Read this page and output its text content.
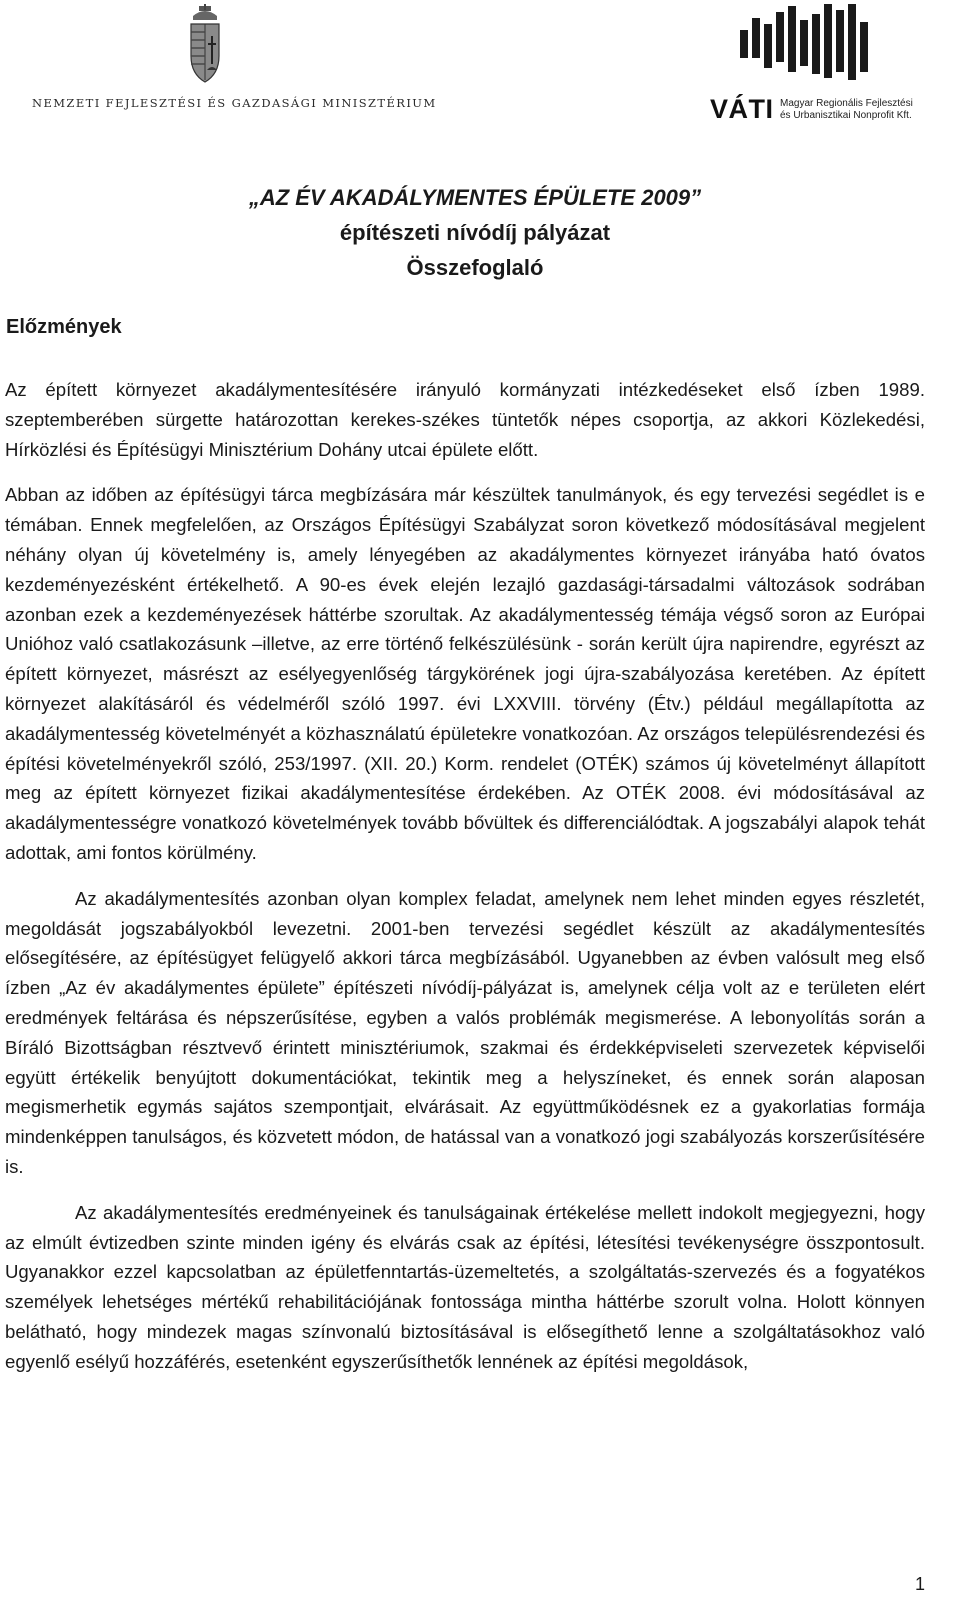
NEMZETI FEJLESZTÉSI ÉS GAZDASÁGI MINISZTÉRIUM	VÁTI Magyar Regionális Fejlesztési
és Urbanisztikai Nonprofit Kft.
„AZ ÉV AKADÁLYMENTES ÉPÜLETE 2009”
építészeti nívódíj pályázat
Összefoglaló
Előzmények

Az épített környezet akadálymentesítésére irányuló kormányzati intézkedéseket első ízben 1989. szeptemberében sürgette határozottan kerekes-székes tüntetők népes csoportja, az akkori Közlekedési, Hírközlési és Építésügyi Minisztérium Dohány utcai épülete előtt.

Abban az időben az építésügyi tárca megbízására már készültek tanulmányok, és egy tervezési segédlet is e témában. Ennek megfelelően, az Országos Építésügyi Szabályzat soron következő módosításával megjelent néhány olyan új követelmény is, amely lényegében az akadálymentes környezet irányába ható óvatos kezdeményezésként értékelhető. A 90-es évek elején lezajló gazdasági-társadalmi változások sodrában azonban ezek a kezdeményezések háttérbe szorultak. Az akadálymentesség témája végső soron az Európai Unióhoz való csatlakozásunk –illetve, az erre történő felkészülésünk - során került újra napirendre, egyrészt az épített környezet, másrészt az esélyegyenlőség tárgykörének jogi újra-szabályozása keretében. Az épített környezet alakításáról és védelméről szóló 1997. évi LXXVIII. törvény (Étv.) például megállapította az akadálymentesség követelményét a közhasználatú épületekre vonatkozóan. Az országos településrendezési és építési követelményekről szóló, 253/1997. (XII. 20.) Korm. rendelet (OTÉK) számos új követelményt állapított meg az épített környezet fizikai akadálymentesítése érdekében. Az OTÉK 2008. évi módosításával az akadálymentességre vonatkozó követelmények tovább bővültek és differenciálódtak. A jogszabályi alapok tehát adottak, ami fontos körülmény.

Az akadálymentesítés azonban olyan komplex feladat, amelynek nem lehet minden egyes részletét, megoldását jogszabályokból levezetni. 2001-ben tervezési segédlet készült az akadálymentesítés elősegítésére, az építésügyet felügyelő akkori tárca megbízásából. Ugyanebben az évben valósult meg első ízben „Az év akadálymentes épülete” építészeti nívódíj-pályázat is, amelynek célja volt az e területen elért eredmények feltárása és népszerűsítése, egyben a valós problémák megismerése. A lebonyolítás során a Bíráló Bizottságban résztvevő érintett minisztériumok, szakmai és érdekképviseleti szervezetek képviselői együtt értékelik benyújtott dokumentációkat, tekintik meg a helyszíneket, és ennek során alaposan megismerhetik egymás sajátos szempontjait, elvárásait. Az együttműködésnek ez a gyakorlatias formája mindenképpen tanulságos, és közvetett módon, de hatással van a vonatkozó jogi szabályozás korszerűsítésére is.

Az akadálymentesítés eredményeinek és tanulságainak értékelése mellett indokolt megjegyezni, hogy az elmúlt évtizedben szinte minden igény és elvárás csak az építési, létesítési tevékenységre összpontosult. Ugyanakkor ezzel kapcsolatban az épületfenntartás-üzemeltetés, a szolgáltatás-szervezés és a fogyatékos személyek lehetséges mértékű rehabilitációjának fontossága mintha háttérbe szorult volna. Holott könnyen belátható, hogy mindezek magas színvonalú biztosításával is elősegíthető lenne a szolgáltatásokhoz való egyenlő esélyű hozzáférés, esetenként egyszerűsíthetők lennének az építési megoldások,

1
